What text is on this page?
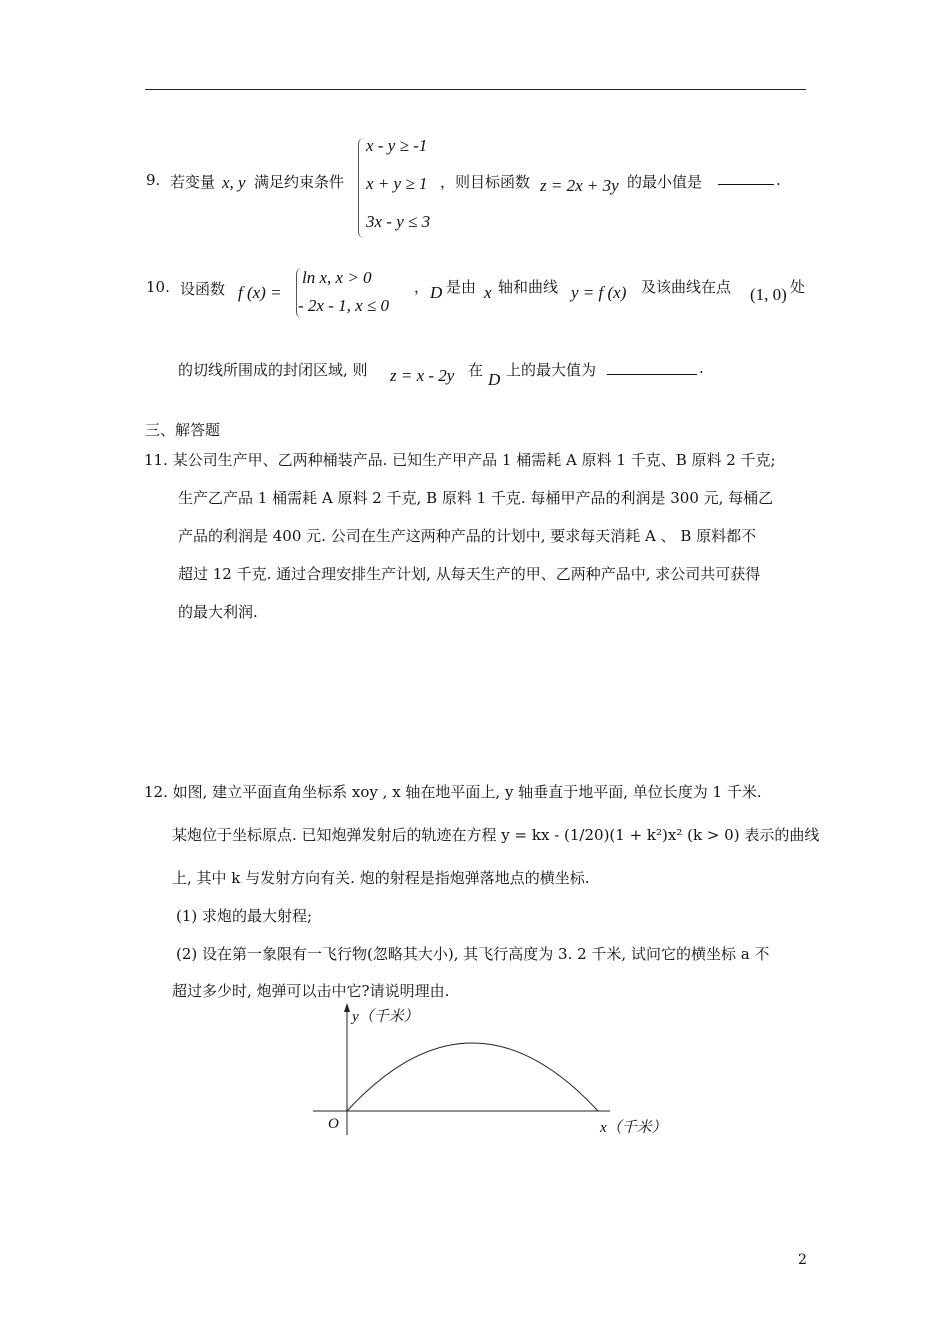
9. 若变量 x, y 满足约束条件
x - y ≥ -1
x + y ≥ 1
3x - y ≤ 3
，则目标函数 z = 2x + 3y 的最小值是	.
10. 设函数 f (x) =
ln x, x > 0
- 2x - 1, x ≤ 0
， D 是由 x 轴和曲线 y = f (x) 及该曲线在点 (1, 0) 处
的切线所围成的封闭区域, 则 z = x - 2y 在 D 上的最大值为	.
三、解答题
11. 某公司生产甲、乙两种桶装产品. 已知生产甲产品 1 桶需耗 A 原料 1 千克、B 原料 2 千克;
生产乙产品 1 桶需耗 A 原料 2 千克, B 原料 1 千克. 每桶甲产品的利润是 300 元, 每桶乙
产品的利润是 400 元. 公司在生产这两种产品的计划中, 要求每天消耗 A 、 B 原料都不
超过 12 千克. 通过合理安排生产计划, 从每天生产的甲、乙两种产品中, 求公司共可获得
的最大利润.
12. 如图, 建立平面直角坐标系 xoy , x 轴在地平面上, y 轴垂直于地平面, 单位长度为 1 千米.
某炮位于坐标原点. 已知炮弹发射后的轨迹在方程 y = kx - (1/20)(1 + k²)x² (k > 0) 表示的曲线
上, 其中 k 与发射方向有关. 炮的射程是指炮弹落地点的横坐标.
(1) 求炮的最大射程;
(2) 设在第一象限有一飞行物(忽略其大小), 其飞行高度为 3. 2 千米, 试问它的横坐标 a 不
超过多少时, 炮弹可以击中它?请说明理由.
y（千米）
O	x（千米）
2
